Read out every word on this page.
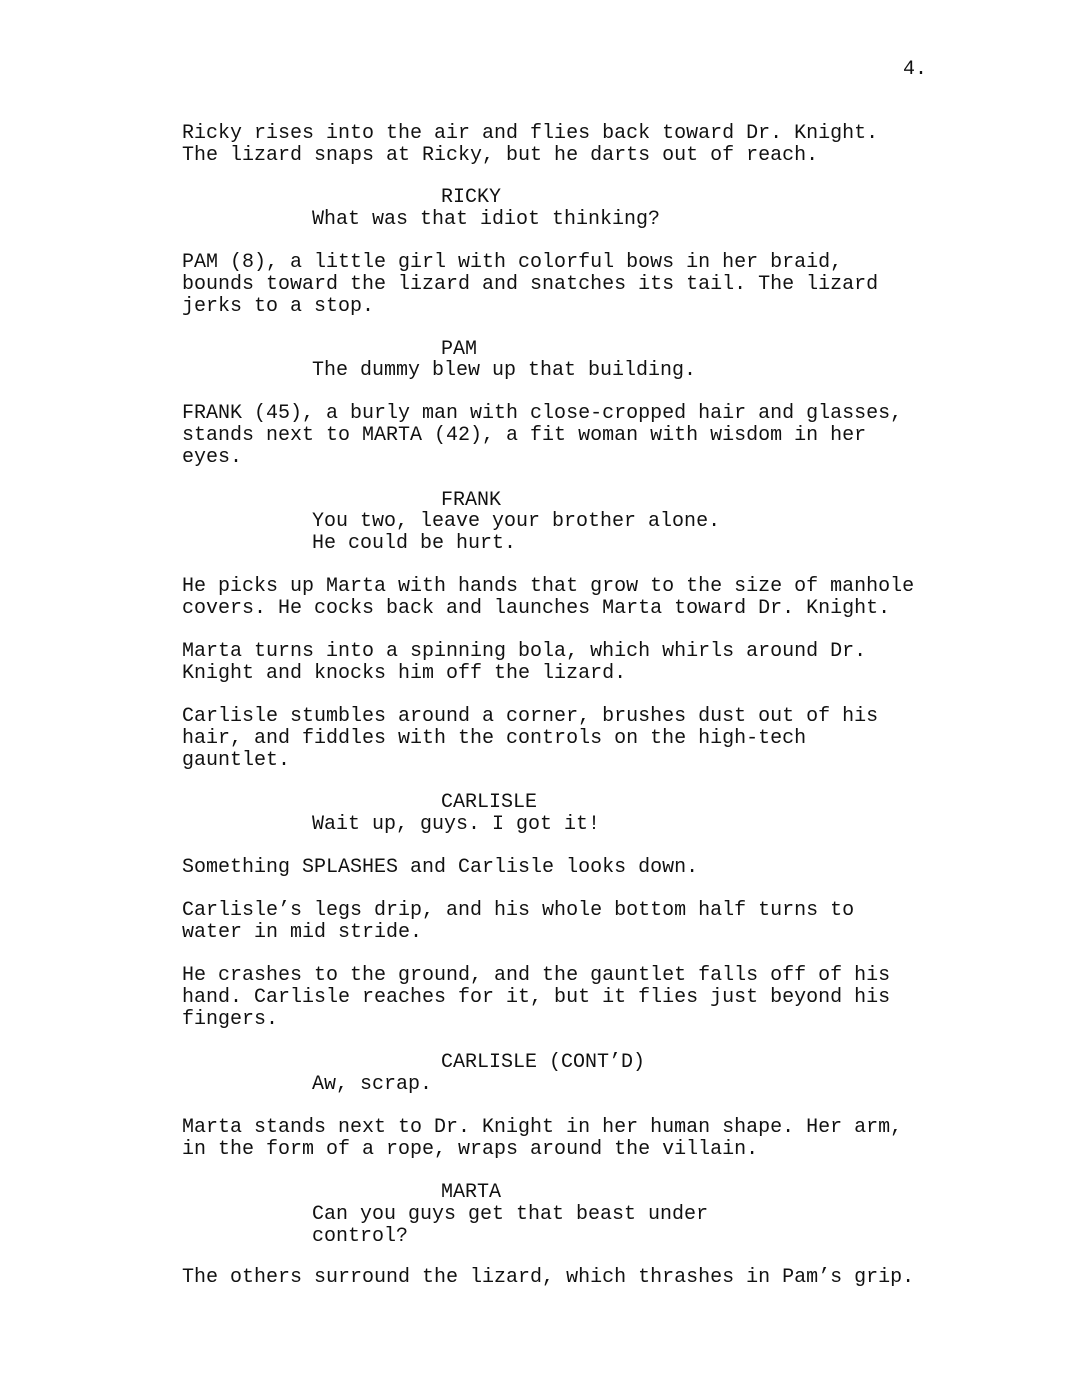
4.
Ricky rises into the air and flies back toward Dr. Knight.
The lizard snaps at Ricky, but he darts out of reach.
RICKY
What was that idiot thinking?
PAM (8), a little girl with colorful bows in her braid,
bounds toward the lizard and snatches its tail. The lizard
jerks to a stop.
PAM
The dummy blew up that building.
FRANK (45), a burly man with close-cropped hair and glasses,
stands next to MARTA (42), a fit woman with wisdom in her
eyes.
FRANK
You two, leave your brother alone.
He could be hurt.
He picks up Marta with hands that grow to the size of manhole
covers. He cocks back and launches Marta toward Dr. Knight.
Marta turns into a spinning bola, which whirls around Dr.
Knight and knocks him off the lizard.
Carlisle stumbles around a corner, brushes dust out of his
hair, and fiddles with the controls on the high-tech
gauntlet.
CARLISLE
Wait up, guys. I got it!
Something SPLASHES and Carlisle looks down.
Carlisle’s legs drip, and his whole bottom half turns to
water in mid stride.
He crashes to the ground, and the gauntlet falls off of his
hand. Carlisle reaches for it, but it flies just beyond his
fingers.
CARLISLE (CONT’D)
Aw, scrap.
Marta stands next to Dr. Knight in her human shape. Her arm,
in the form of a rope, wraps around the villain.
MARTA
Can you guys get that beast under
control?
The others surround the lizard, which thrashes in Pam’s grip.
